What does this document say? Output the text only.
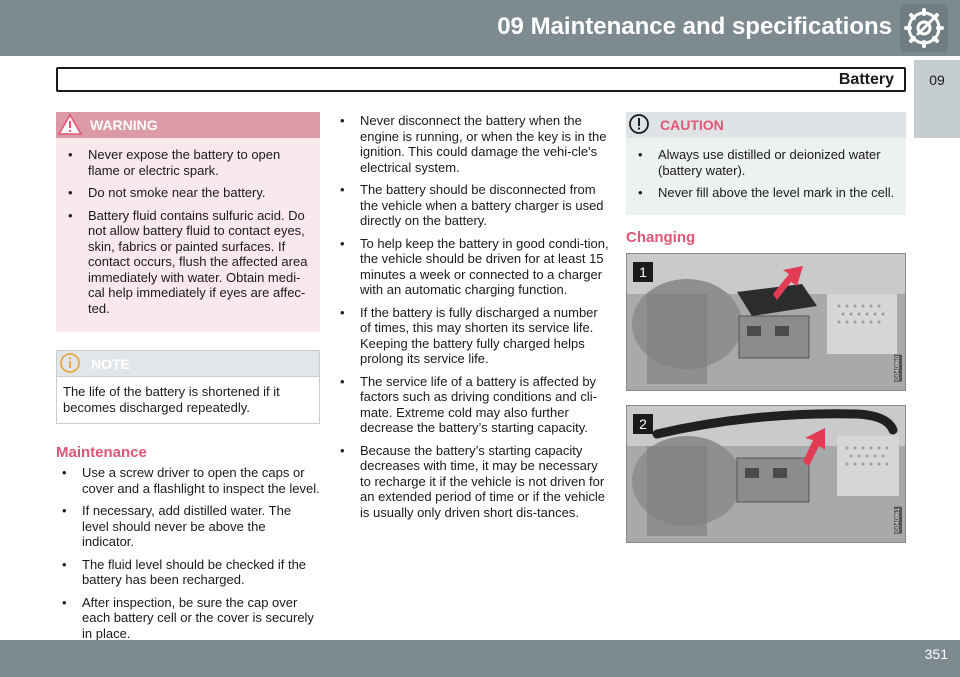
09 Maintenance and specifications
Battery	09
WARNING
• Never expose the battery to open flame or electric spark.
• Do not smoke near the battery.
• Battery fluid contains sulfuric acid. Do not allow battery fluid to contact eyes, skin, fabrics or painted surfaces. If contact occurs, flush the affected area immediately with water. Obtain medi-cal help immediately if eyes are affec-ted.
NOTE
The life of the battery is shortened if it becomes discharged repeatedly.
Maintenance
• Use a screw driver to open the caps or cover and a flashlight to inspect the level.
• If necessary, add distilled water. The level should never be above the indicator.
• The fluid level should be checked if the battery has been recharged.
• After inspection, be sure the cap over each battery cell or the cover is securely in place.
•
• Never disconnect the battery when the engine is running, or when the key is in the ignition. This could damage the vehi-cle's electrical system.
• The battery should be disconnected from the vehicle when a battery charger is used directly on the battery.
• To help keep the battery in good condi-tion, the vehicle should be driven for at least 15 minutes a week or connected to a charger with an automatic charging function.
• If the battery is fully discharged a number of times, this may shorten its service life. Keeping the battery fully charged helps prolong its service life.
• The service life of a battery is affected by factors such as driving conditions and cli-mate. Extreme cold may also further decrease the battery’s starting capacity.
• Because the battery’s starting capacity decreases with time, it may be necessary to recharge it if the vehicle is not driven for an extended period of time or if the vehicle is usually only driven short dis-tances.
CAUTION
• Always use distilled or deionized water (battery water).
• Never fill above the level mark in the cell.
Changing
1
G040860
2
G040861
351
